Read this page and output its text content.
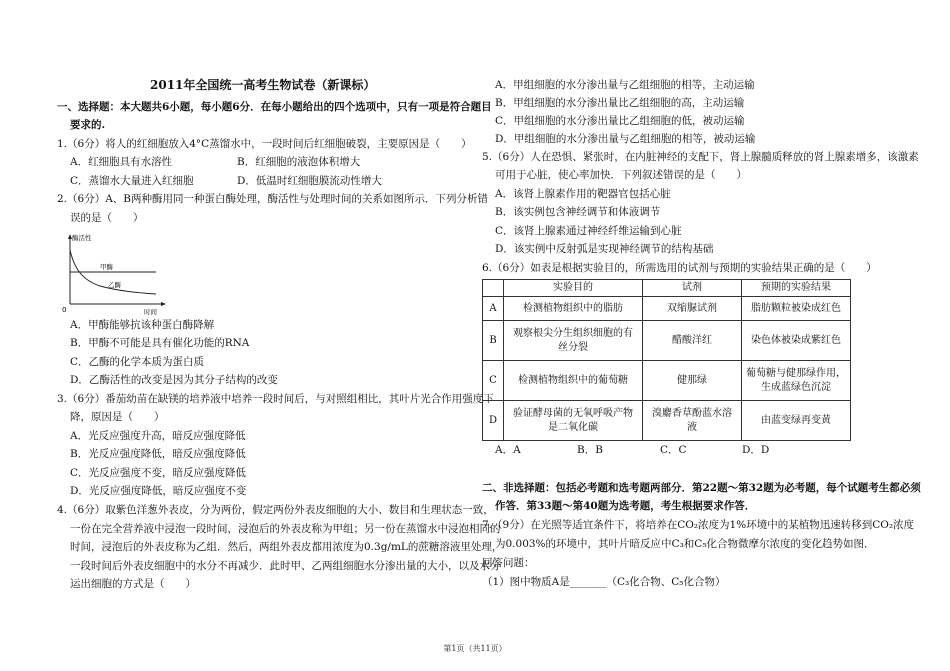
2011年全国统一高考生物试卷（新课标）
一、选择题：本大题共6小题，每小题6分．在每小题给出的四个选项中，只有一项是符合题目
要求的.
1.（6分）将人的红细胞放入4°C蒸馏水中，一段时间后红细胞破裂，主要原因是（　　）
A．红细胞具有水溶性	B．红细胞的液泡体积增大
C．蒸馏水大量进入红细胞	D．低温时红细胞膜流动性增大
2.（6分）A、B两种酶用同一种蛋白酶处理，酶活性与处理时间的关系如图所示．下列分析错
误的是（　　）
A．甲酶能够抗该种蛋白酶降解
B．甲酶不可能是具有催化功能的RNA
C．乙酶的化学本质为蛋白质
D．乙酶活性的改变是因为其分子结构的改变
3.（6分）番茄幼苗在缺镁的培养液中培养一段时间后，与对照组相比，其叶片光合作用强度下
降，原因是（　　）
A．光反应强度升高，暗反应强度降低
B．光反应强度降低，暗反应强度降低
C．光反应强度不变，暗反应强度降低
D．光反应强度降低，暗反应强度不变
4.（6分）取紫色洋葱外表皮，分为两份，假定两份外表皮细胞的大小、数目和生理状态一致，
一份在完全营养液中浸泡一段时间，浸泡后的外表皮称为甲组；另一份在蒸馏水中浸泡相同的
时间，浸泡后的外表皮称为乙组．然后，两组外表皮都用浓度为0.3g/mL的蔗糖溶液里处理，
一段时间后外表皮细胞中的水分不再减少．此时甲、乙两组细胞水分渗出量的大小，以及水分
运出细胞的方式是（　　）
酶活性
0	时间
甲酶
乙酶
A．甲组细胞的水分渗出量与乙组细胞的相等，主动运输
B．甲组细胞的水分渗出量比乙组细胞的高，主动运输
C．甲组细胞的水分渗出量比乙组细胞的低，被动运输
D．甲组细胞的水分渗出量与乙组细胞的相等，被动运输
5.（6分）人在恐惧、紧张时，在内脏神经的支配下，肾上腺髓质释放的肾上腺素增多，该激素
可用于心脏，使心率加快．下列叙述错误的是（　　）
A．该肾上腺素作用的靶器官包括心脏
B．该实例包含神经调节和体液调节
C．该肾上腺素通过神经纤维运输到心脏
D．该实例中反射弧是实现神经调节的结构基础
6.（6分）如表是根据实验目的，所需选用的试剂与预期的实验结果正确的是（　　）
A．A	B．B	C．C	D．D
二、非选择题：包括必考题和选考题两部分．第22题～第32题为必考题，每个试题考生都必须
作答．第33题～第40题为选考题，考生根据要求作答．
7.（9分）在光照等适宜条件下，将培养在CO₂浓度为1%环境中的某植物迅速转移到CO₂浓度
为0.003%的环境中，其叶片暗反应中C₃和C₅化合物微摩尔浓度的变化趋势如图．
回答问题：
（1）图中物质A是_______（C₃化合物、C₅化合物）
	实验目的	试剂	预期的实验结果
A	检测植物组织中的脂肪	双缩脲试剂	脂肪颗粒被染成红色
B	观察根尖分生组织细胞的有
丝分裂	醋酸洋红	染色体被染成紫红色
C	检测植物组织中的葡萄糖	健那绿	葡萄糖与健那绿作用，
生成蓝绿色沉淀
D	验证酵母菌的无氧呼吸产物
是二氧化碳	溴麝香草酚蓝水溶
液	由蓝变绿再变黄
第1页（共11页）
